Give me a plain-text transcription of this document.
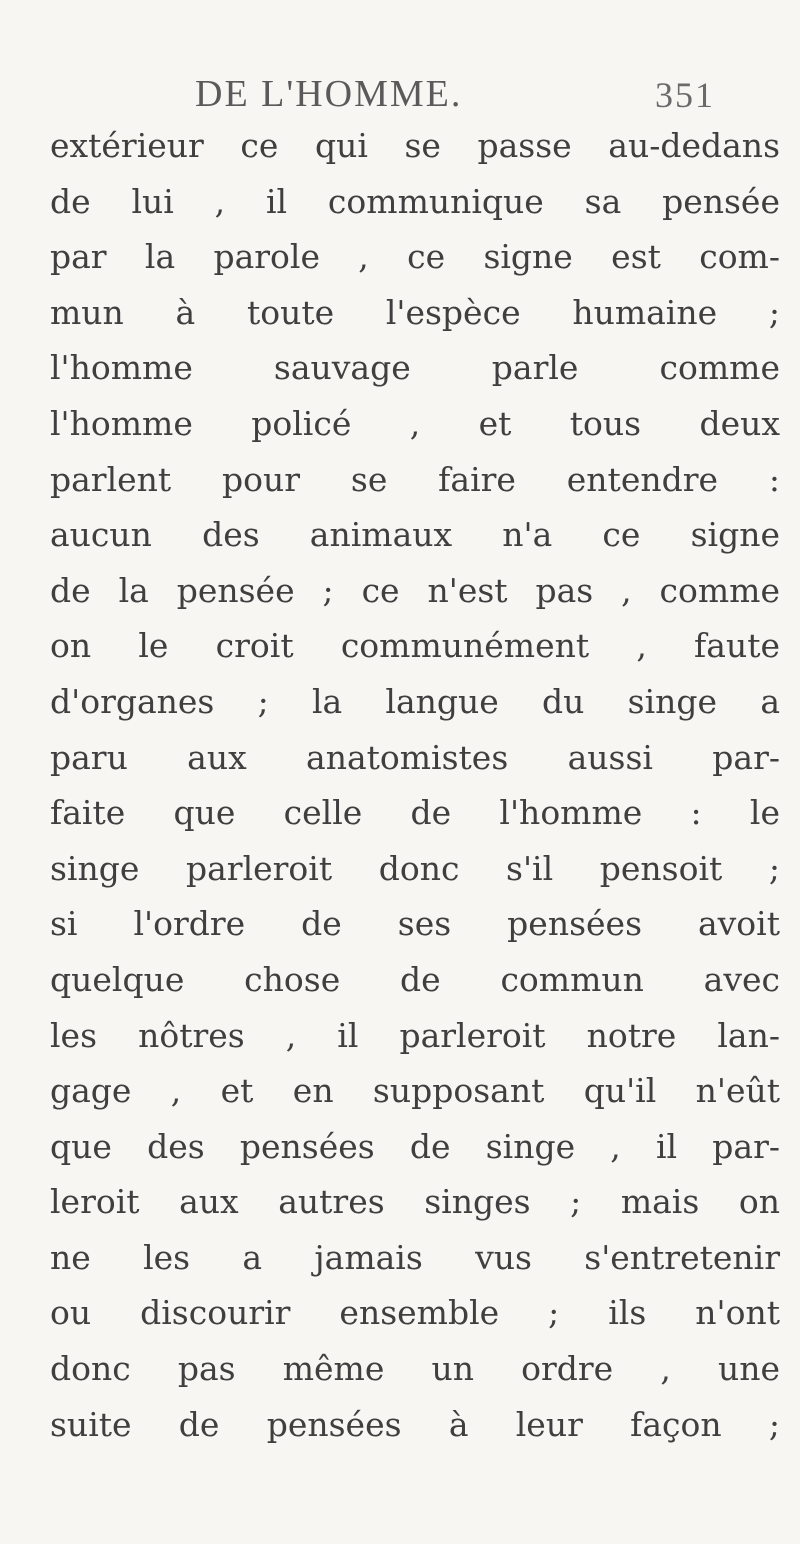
DE L'HOMME.	351
extérieur ce qui se passe au-dedans
de lui , il communique sa pensée
par la parole , ce signe est com-
mun à toute l'espèce humaine ;
l'homme sauvage parle comme
l'homme policé , et tous deux
parlent pour se faire entendre :
aucun des animaux n'a ce signe
de la pensée ; ce n'est pas , comme
on le croit communément , faute
d'organes ; la langue du singe a
paru aux anatomistes aussi par-
faite que celle de l'homme : le
singe parleroit donc s'il pensoit ;
si l'ordre de ses pensées avoit
quelque chose de commun avec
les nôtres , il parleroit notre lan-
gage , et en supposant qu'il n'eût
que des pensées de singe , il par-
leroit aux autres singes ; mais on
ne les a jamais vus s'entretenir
ou discourir ensemble ; ils n'ont
donc pas même un ordre , une
suite de pensées à leur façon ;
